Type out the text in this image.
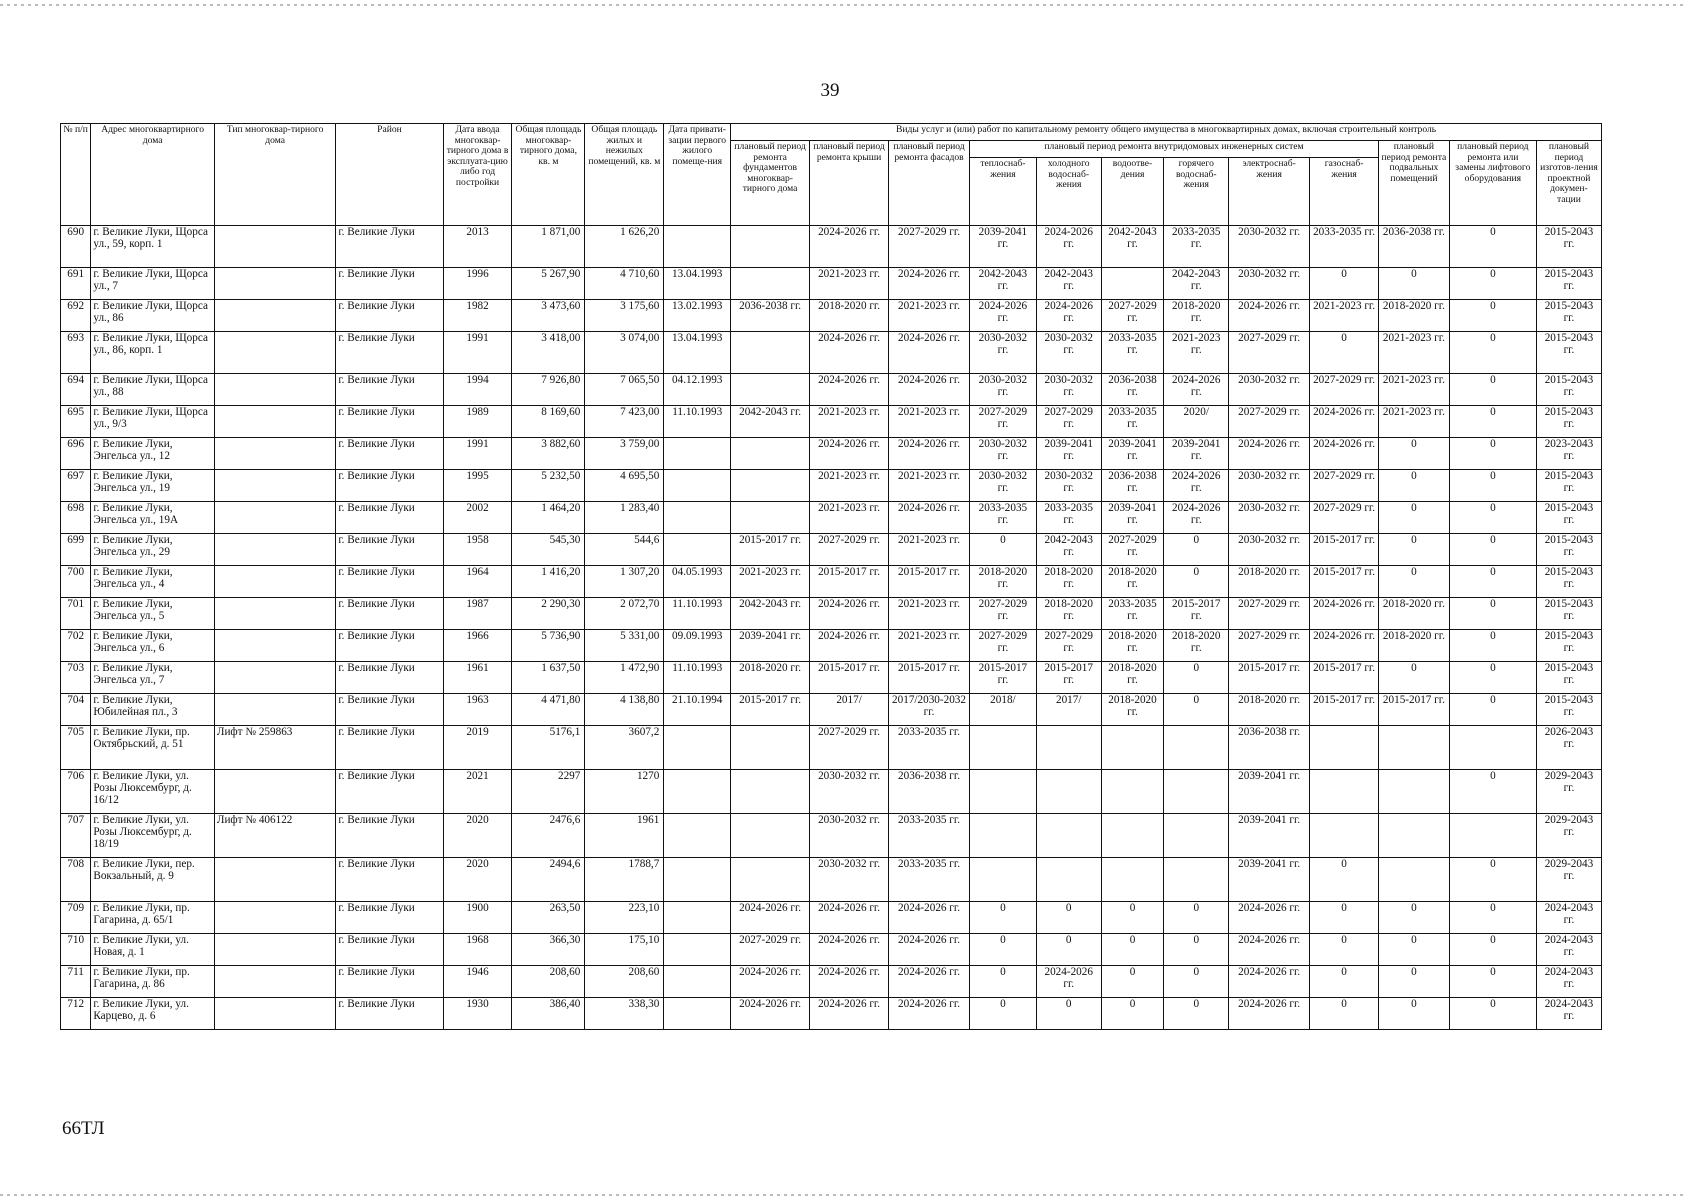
39
№ п/п	Адрес многоквартирного дома	Тип многоквар-тирного дома	Район	Дата ввода многоквар-тирного дома в эксплуата-цию либо год постройки	Общая площадь многоквар-тирного дома, кв. м	Общая площадь жилых и нежилых помещений, кв. м	Дата привати-зации первого жилого помеще-ния	Виды услуг и (или) работ по капитальному ремонту общего имущества в многоквартирных домах, включая строительный контроль											
								плановый период ремонта фундаментов многоквар-тирного дома	плановый период ремонта крыши	плановый период ремонта фасадов	плановый период ремонта внутридомовых инженерных систем						плановый период ремонта подвальных помещений	плановый период ремонта или замены лифтового оборудования	плановый период изготов-ления проектной докумен-тации
											теплоснаб-жения	холодного водоснаб-жения	водоотве-дения	горячего водоснаб-жения	электроснаб-жения	газоснаб-жения			
690	г. Великие Луки, Щорса ул., 59, корп. 1		г. Великие Луки	2013	1 871,00	1 626,20			2024-2026 гг.	2027-2029 гг.	2039-2041 гг.	2024-2026 гг.	2042-2043 гг.	2033-2035 гг.	2030-2032 гг.	2033-2035 гг.	2036-2038 гг.	0	2015-2043 гг.
691	г. Великие Луки, Щорса ул., 7		г. Великие Луки	1996	5 267,90	4 710,60	13.04.1993		2021-2023 гг.	2024-2026 гг.	2042-2043 гг.	2042-2043 гг.		2042-2043 гг.	2030-2032 гг.	0	0	0	2015-2043 гг.
692	г. Великие Луки, Щорса ул., 86		г. Великие Луки	1982	3 473,60	3 175,60	13.02.1993	2036-2038 гг.	2018-2020 гг.	2021-2023 гг.	2024-2026 гг.	2024-2026 гг.	2027-2029 гг.	2018-2020 гг.	2024-2026 гг.	2021-2023 гг.	2018-2020 гг.	0	2015-2043 гг.
693	г. Великие Луки, Щорса ул., 86, корп. 1		г. Великие Луки	1991	3 418,00	3 074,00	13.04.1993		2024-2026 гг.	2024-2026 гг.	2030-2032 гг.	2030-2032 гг.	2033-2035 гг.	2021-2023 гг.	2027-2029 гг.	0	2021-2023 гг.	0	2015-2043 гг.
694	г. Великие Луки, Щорса ул., 88		г. Великие Луки	1994	7 926,80	7 065,50	04.12.1993		2024-2026 гг.	2024-2026 гг.	2030-2032 гг.	2030-2032 гг.	2036-2038 гг.	2024-2026 гг.	2030-2032 гг.	2027-2029 гг.	2021-2023 гг.	0	2015-2043 гг.
695	г. Великие Луки, Щорса ул., 9/3		г. Великие Луки	1989	8 169,60	7 423,00	11.10.1993	2042-2043 гг.	2021-2023 гг.	2021-2023 гг.	2027-2029 гг.	2027-2029 гг.	2033-2035 гг.	2020/	2027-2029 гг.	2024-2026 гг.	2021-2023 гг.	0	2015-2043 гг.
696	г. Великие Луки, Энгельса ул., 12		г. Великие Луки	1991	3 882,60	3 759,00			2024-2026 гг.	2024-2026 гг.	2030-2032 гг.	2039-2041 гг.	2039-2041 гг.	2039-2041 гг.	2024-2026 гг.	2024-2026 гг.	0	0	2023-2043 гг.
697	г. Великие Луки, Энгельса ул., 19		г. Великие Луки	1995	5 232,50	4 695,50			2021-2023 гг.	2021-2023 гг.	2030-2032 гг.	2030-2032 гг.	2036-2038 гг.	2024-2026 гг.	2030-2032 гг.	2027-2029 гг.	0	0	2015-2043 гг.
698	г. Великие Луки, Энгельса ул., 19А		г. Великие Луки	2002	1 464,20	1 283,40			2021-2023 гг.	2024-2026 гг.	2033-2035 гг.	2033-2035 гг.	2039-2041 гг.	2024-2026 гг.	2030-2032 гг.	2027-2029 гг.	0	0	2015-2043 гг.
699	г. Великие Луки, Энгельса ул., 29		г. Великие Луки	1958	545,30	544,6		2015-2017 гг.	2027-2029 гг.	2021-2023 гг.	0	2042-2043 гг.	2027-2029 гг.	0	2030-2032 гг.	2015-2017 гг.	0	0	2015-2043 гг.
700	г. Великие Луки, Энгельса ул., 4		г. Великие Луки	1964	1 416,20	1 307,20	04.05.1993	2021-2023 гг.	2015-2017 гг.	2015-2017 гг.	2018-2020 гг.	2018-2020 гг.	2018-2020 гг.	0	2018-2020 гг.	2015-2017 гг.	0	0	2015-2043 гг.
701	г. Великие Луки, Энгельса ул., 5		г. Великие Луки	1987	2 290,30	2 072,70	11.10.1993	2042-2043 гг.	2024-2026 гг.	2021-2023 гг.	2027-2029 гг.	2018-2020 гг.	2033-2035 гг.	2015-2017 гг.	2027-2029 гг.	2024-2026 гг.	2018-2020 гг.	0	2015-2043 гг.
702	г. Великие Луки, Энгельса ул., 6		г. Великие Луки	1966	5 736,90	5 331,00	09.09.1993	2039-2041 гг.	2024-2026 гг.	2021-2023 гг.	2027-2029 гг.	2027-2029 гг.	2018-2020 гг.	2018-2020 гг.	2027-2029 гг.	2024-2026 гг.	2018-2020 гг.	0	2015-2043 гг.
703	г. Великие Луки, Энгельса ул., 7		г. Великие Луки	1961	1 637,50	1 472,90	11.10.1993	2018-2020 гг.	2015-2017 гг.	2015-2017 гг.	2015-2017 гг.	2015-2017 гг.	2018-2020 гг.	0	2015-2017 гг.	2015-2017 гг.	0	0	2015-2043 гг.
704	г. Великие Луки, Юбилейная пл., 3		г. Великие Луки	1963	4 471,80	4 138,80	21.10.1994	2015-2017 гг.	2017/	2017/2030-2032 гг.	2018/	2017/	2018-2020 гг.	0	2018-2020 гг.	2015-2017 гг.	2015-2017 гг.	0	2015-2043 гг.
705	г. Великие Луки, пр. Октябрьский, д. 51	Лифт № 259863	г. Великие Луки	2019	5176,1	3607,2			2027-2029 гг.	2033-2035 гг.					2036-2038 гг.				2026-2043 гг.
706	г. Великие Луки, ул. Розы Люксембург, д. 16/12		г. Великие Луки	2021	2297	1270			2030-2032 гг.	2036-2038 гг.					2039-2041 гг.			0	2029-2043 гг.
707	г. Великие Луки, ул. Розы Люксембург, д. 18/19	Лифт № 406122	г. Великие Луки	2020	2476,6	1961			2030-2032 гг.	2033-2035 гг.					2039-2041 гг.				2029-2043 гг.
708	г. Великие Луки, пер. Вокзальный, д. 9		г. Великие Луки	2020	2494,6	1788,7			2030-2032 гг.	2033-2035 гг.					2039-2041 гг.	0		0	2029-2043 гг.
709	г. Великие Луки, пр. Гагарина, д. 65/1		г. Великие Луки	1900	263,50	223,10		2024-2026 гг.	2024-2026 гг.	2024-2026 гг.	0	0	0	0	2024-2026 гг.	0	0	0	2024-2043 гг.
710	г. Великие Луки, ул. Новая, д. 1		г. Великие Луки	1968	366,30	175,10		2027-2029 гг.	2024-2026 гг.	2024-2026 гг.	0	0	0	0	2024-2026 гг.	0	0	0	2024-2043 гг.
711	г. Великие Луки, пр. Гагарина, д. 86		г. Великие Луки	1946	208,60	208,60		2024-2026 гг.	2024-2026 гг.	2024-2026 гг.	0	2024-2026 гг.	0	0	2024-2026 гг.	0	0	0	2024-2043 гг.
712	г. Великие Луки, ул. Карцево, д. 6		г. Великие Луки	1930	386,40	338,30		2024-2026 гг.	2024-2026 гг.	2024-2026 гг.	0	0	0	0	2024-2026 гг.	0	0	0	2024-2043 гг.
66ТЛ
